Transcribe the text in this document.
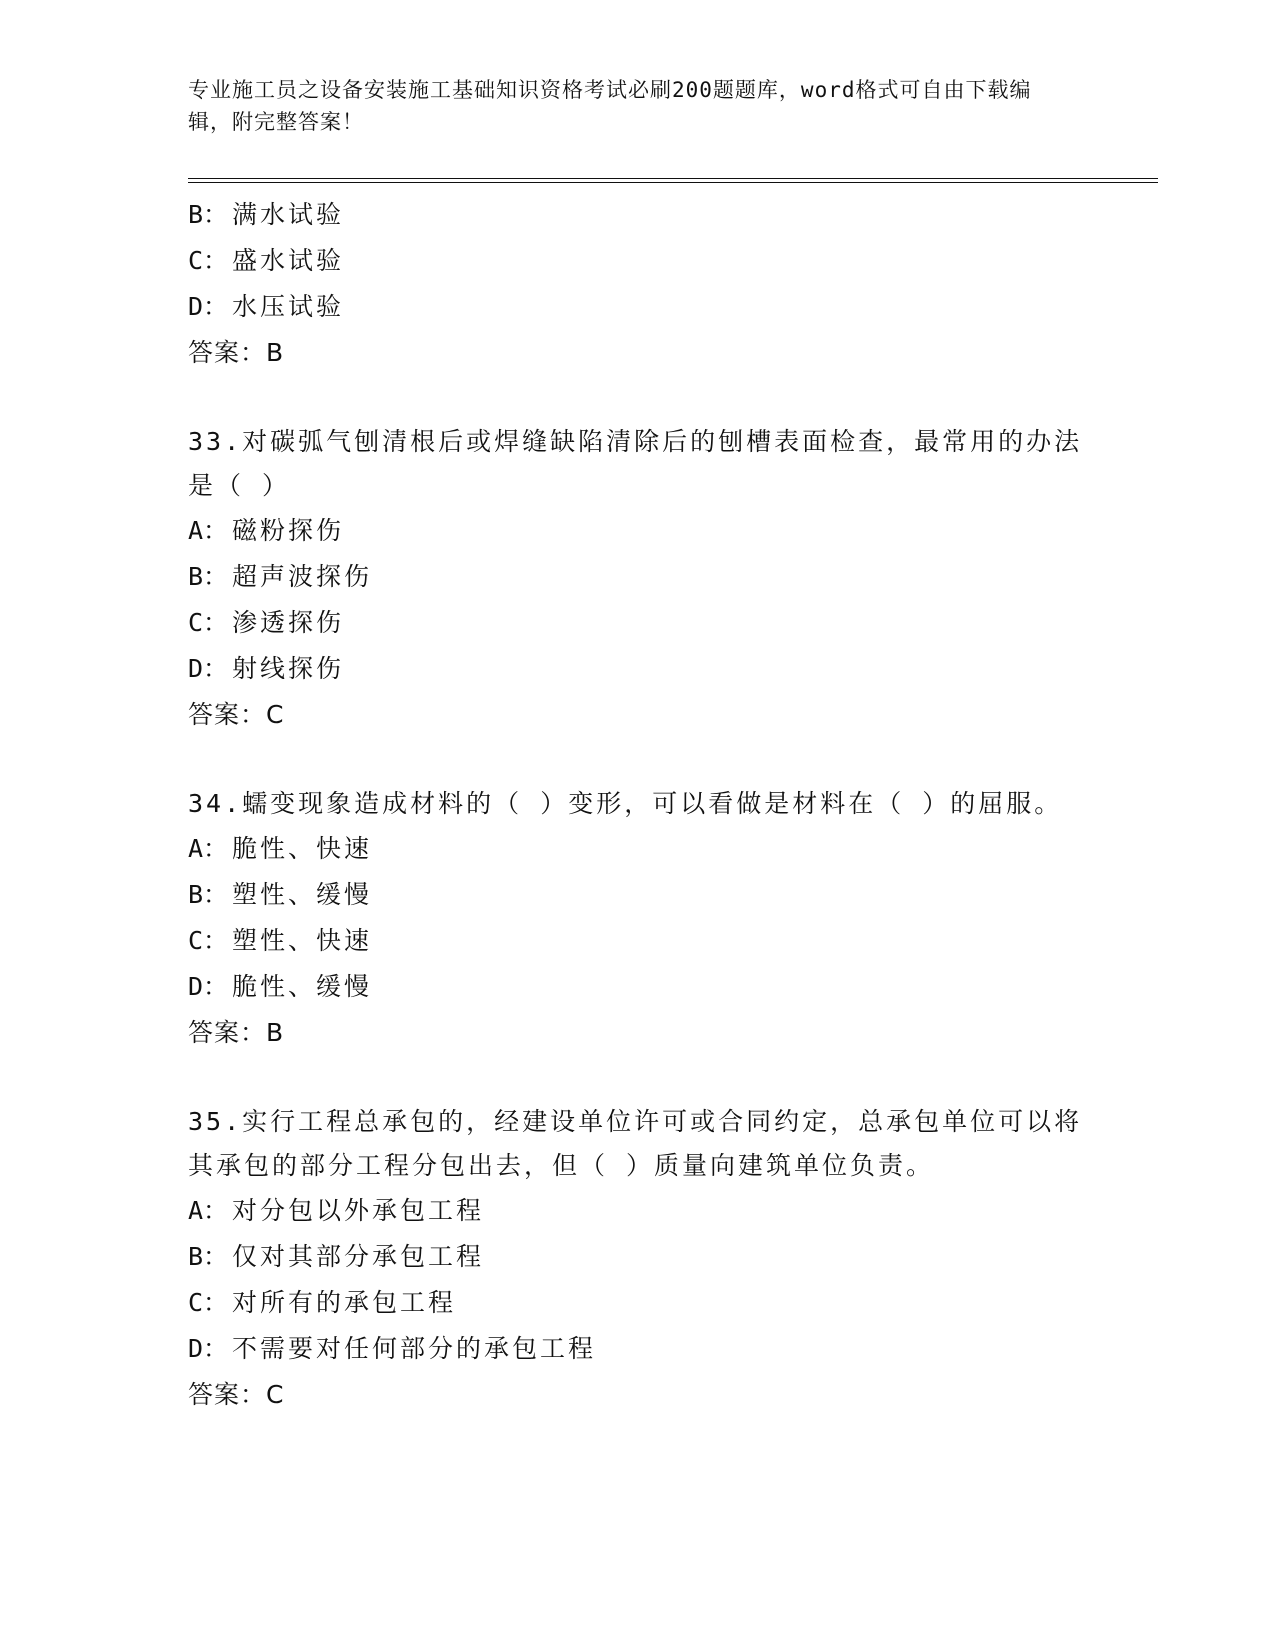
专业施工员之设备安装施工基础知识资格考试必刷200题题库，word格式可自由下载编辑，附完整答案！
B： 满水试验
C： 盛水试验
D： 水压试验
答案：B
33.对碳弧气刨清根后或焊缝缺陷清除后的刨槽表面检查，最常用的办法是（ ）
A： 磁粉探伤
B： 超声波探伤
C： 渗透探伤
D： 射线探伤
答案：C
34.蠕变现象造成材料的（ ）变形，可以看做是材料在（ ）的屈服。
A： 脆性、快速
B： 塑性、缓慢
C： 塑性、快速
D： 脆性、缓慢
答案：B
35.实行工程总承包的，经建设单位许可或合同约定，总承包单位可以将其承包的部分工程分包出去，但（ ）质量向建筑单位负责。
A： 对分包以外承包工程
B： 仅对其部分承包工程
C： 对所有的承包工程
D： 不需要对任何部分的承包工程
答案：C
